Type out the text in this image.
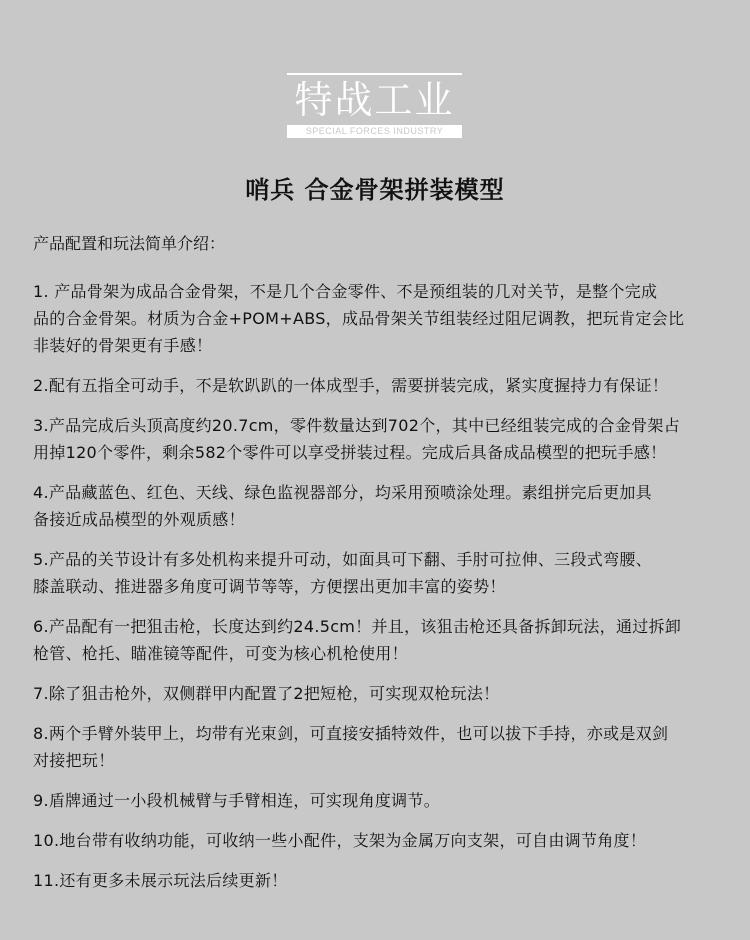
特战工业
SPECIAL FORCES INDUSTRY
哨兵 合金骨架拼装模型
产品配置和玩法简单介绍：
1. 产品骨架为成品合金骨架，不是几个合金零件、不是预组装的几对关节，是整个完成
品的合金骨架。材质为合金+POM+ABS，成品骨架关节组装经过阻尼调教，把玩肯定会比
非装好的骨架更有手感！
2.配有五指全可动手，不是软趴趴的一体成型手，需要拼装完成，紧实度握持力有保证！
3.产品完成后头顶高度约20.7cm，零件数量达到702个，其中已经组装完成的合金骨架占
用掉120个零件，剩余582个零件可以享受拼装过程。完成后具备成品模型的把玩手感！
4.产品藏蓝色、红色、天线、绿色监视器部分，均采用预喷涂处理。素组拼完后更加具
备接近成品模型的外观质感！
5.产品的关节设计有多处机构来提升可动，如面具可下翻、手肘可拉伸、三段式弯腰、
膝盖联动、推进器多角度可调节等等，方便摆出更加丰富的姿势！
6.产品配有一把狙击枪，长度达到约24.5cm！并且，该狙击枪还具备拆卸玩法，通过拆卸
枪管、枪托、瞄准镜等配件，可变为核心机枪使用！
7.除了狙击枪外，双侧群甲内配置了2把短枪，可实现双枪玩法！
8.两个手臂外装甲上，均带有光束剑，可直接安插特效件，也可以拔下手持，亦或是双剑
对接把玩！
9.盾牌通过一小段机械臂与手臂相连，可实现角度调节。
10.地台带有收纳功能，可收纳一些小配件，支架为金属万向支架，可自由调节角度！
11.还有更多未展示玩法后续更新！
